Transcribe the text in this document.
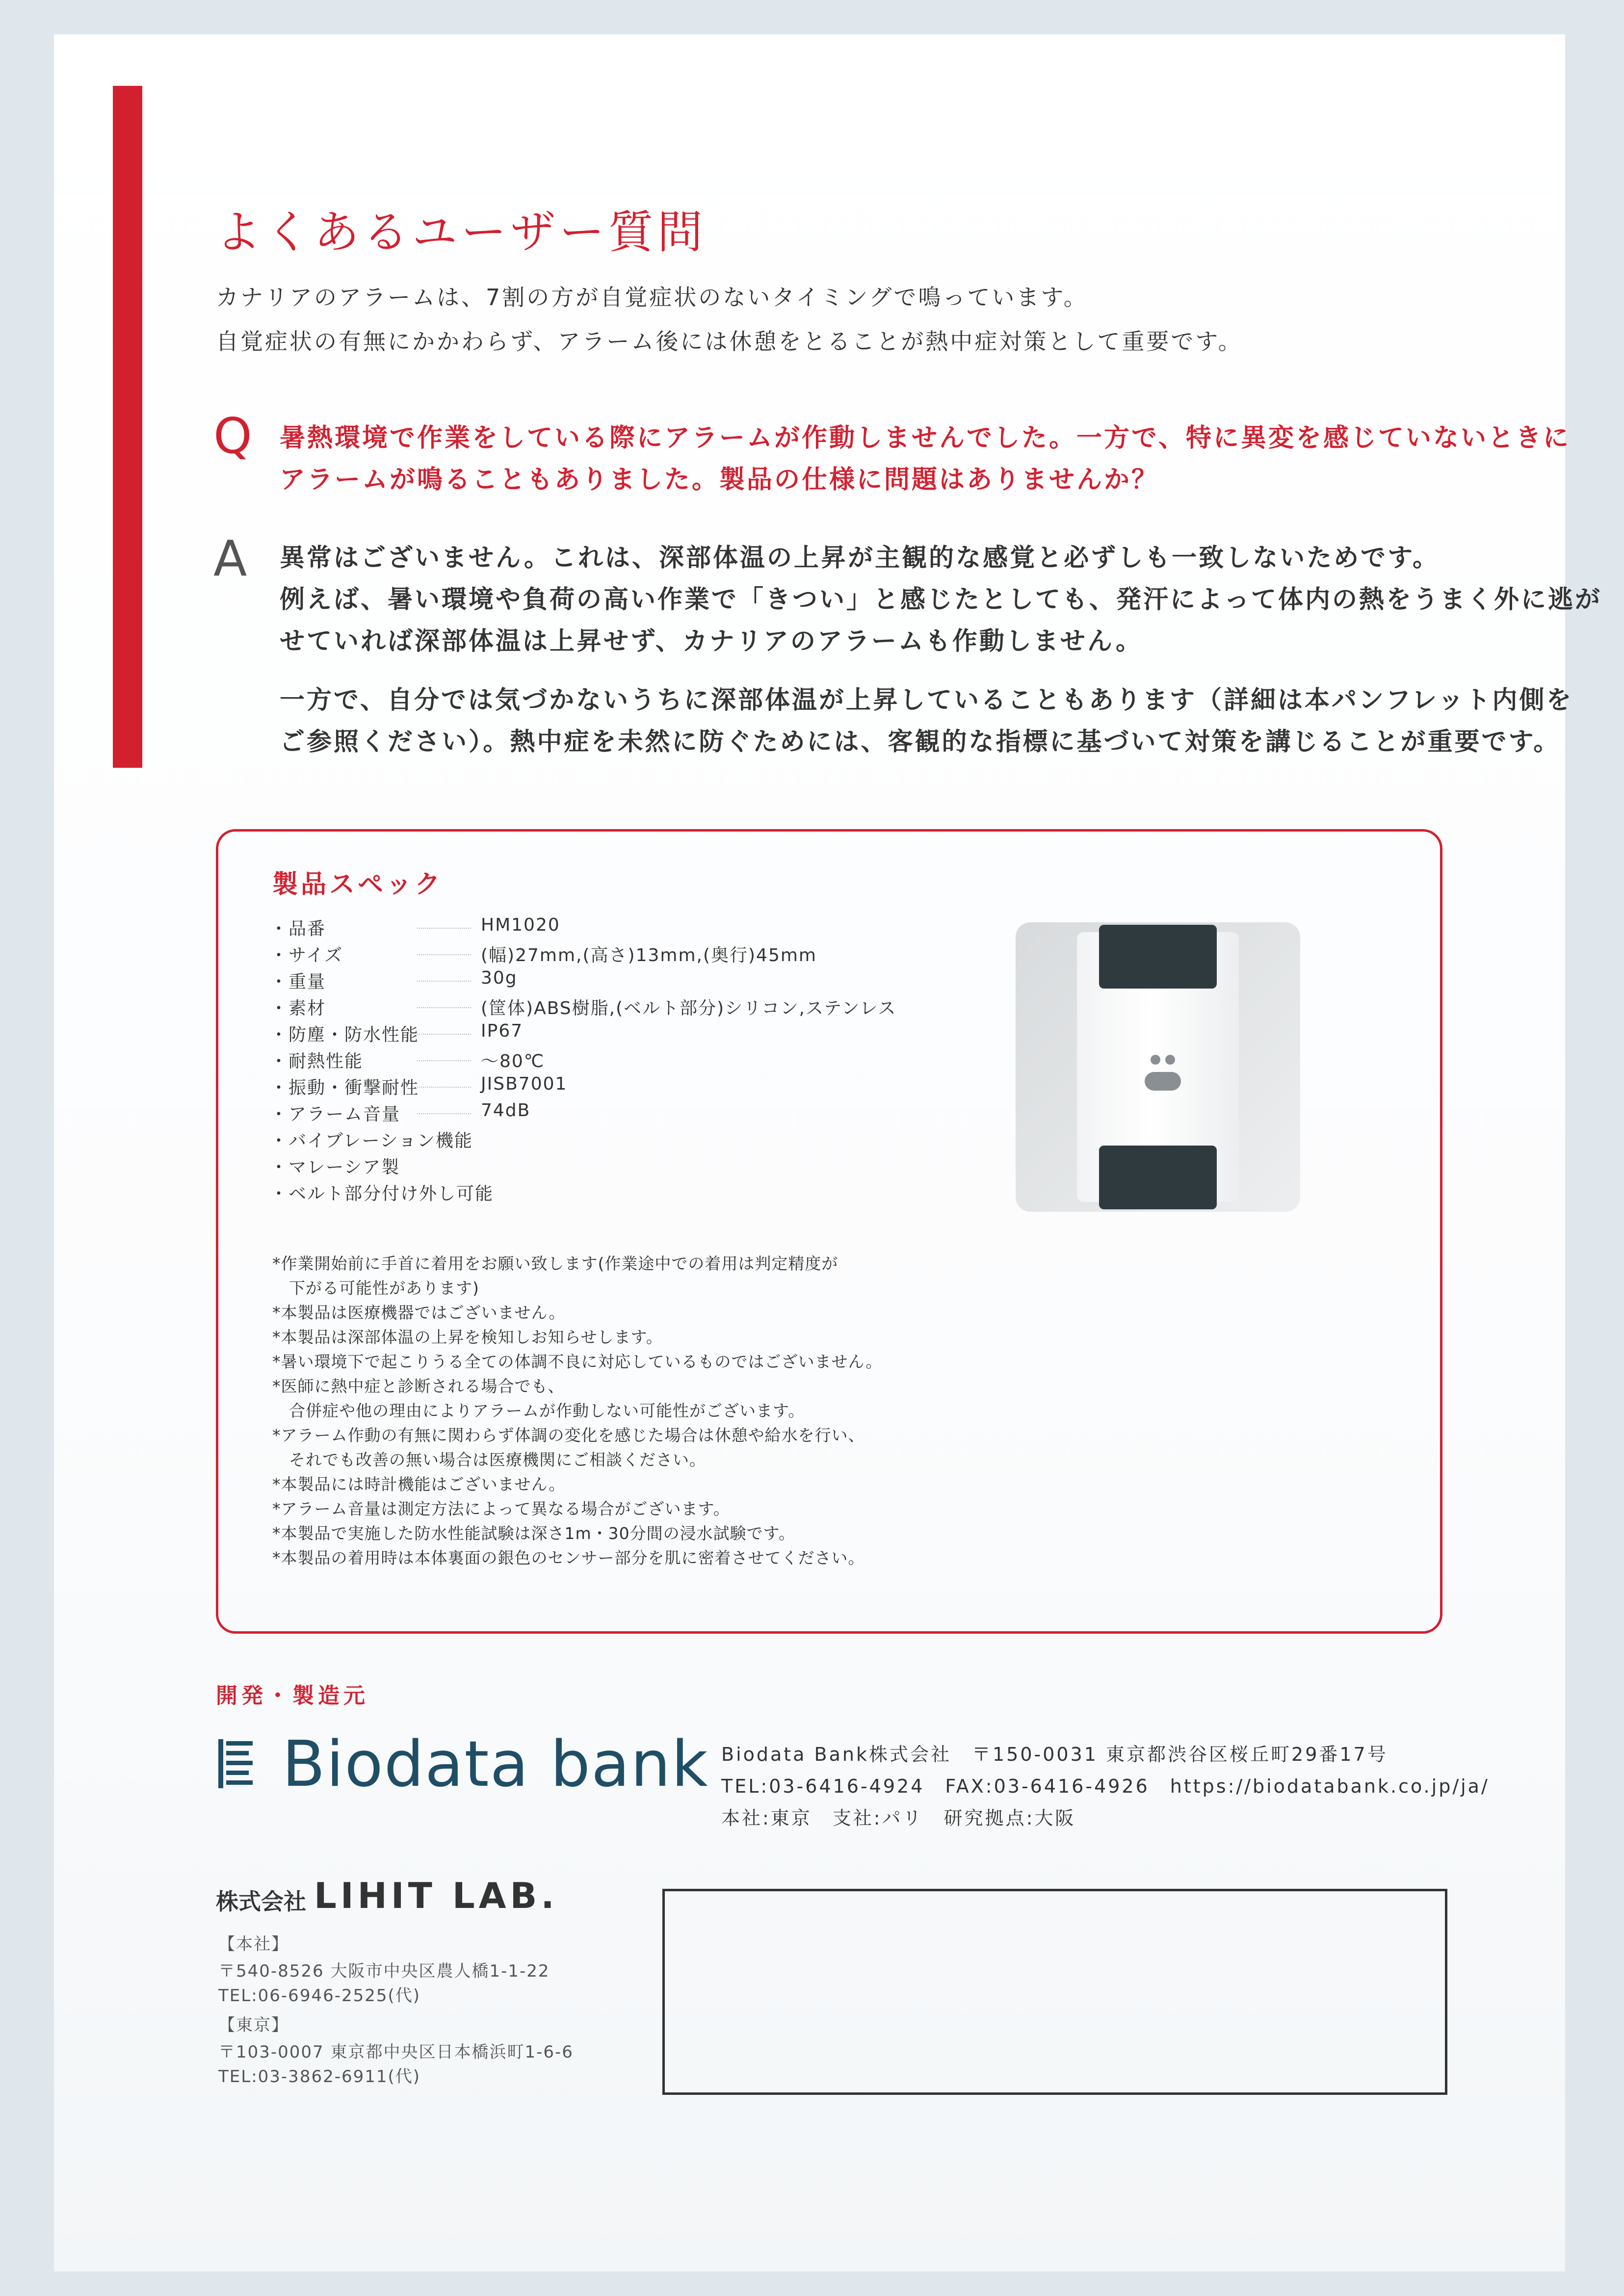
よくあるユーザー質問
カナリアのアラームは、7割の方が自覚症状のないタイミングで鳴っています。
自覚症状の有無にかかわらず、アラーム後には休憩をとることが熱中症対策として重要です。
Q 暑熱環境で作業をしている際にアラームが作動しませんでした。一方で、特に異変を感じていないときに
アラームが鳴ることもありました。製品の仕様に問題はありませんか？
A 異常はございません。これは、深部体温の上昇が主観的な感覚と必ずしも一致しないためです。
例えば、暑い環境や負荷の高い作業で「きつい」と感じたとしても、発汗によって体内の熱をうまく外に逃が
せていれば深部体温は上昇せず、カナリアのアラームも作動しません。
一方で、自分では気づかないうちに深部体温が上昇していることもあります（詳細は本パンフレット内側を
ご参照ください）。熱中症を未然に防ぐためには、客観的な指標に基づいて対策を講じることが重要です。
製品スペック
・品番	HM1020
・サイズ	(幅)27mm,(高さ)13mm,(奥行)45mm
・重量	30g
・素材	(筐体)ABS樹脂,(ベルト部分)シリコン,ステンレス
・防塵・防水性能	IP67
・耐熱性能	〜80℃
・振動・衝撃耐性	JISB7001
・アラーム音量	74dB
・バイブレーション機能
・マレーシア製
・ベルト部分付け外し可能
*作業開始前に手首に着用をお願い致します(作業途中での着用は判定精度が
　下がる可能性があります)
*本製品は医療機器ではございません。
*本製品は深部体温の上昇を検知しお知らせします。
*暑い環境下で起こりうる全ての体調不良に対応しているものではございません。
*医師に熱中症と診断される場合でも、
　合併症や他の理由によりアラームが作動しない可能性がございます。
*アラーム作動の有無に関わらず体調の変化を感じた場合は休憩や給水を行い、
　それでも改善の無い場合は医療機関にご相談ください。
*本製品には時計機能はございません。
*アラーム音量は測定方法によって異なる場合がございます。
*本製品で実施した防水性能試験は深さ1m・30分間の浸水試験です。
*本製品の着用時は本体裏面の銀色のセンサー部分を肌に密着させてください。
開発・製造元
Biodata bank Biodata Bank株式会社　〒150-0031 東京都渋谷区桜丘町29番17号
TEL:03-6416-4924　FAX:03-6416-4926　https://biodatabank.co.jp/ja/
本社:東京　支社:パリ　研究拠点:大阪
株式会社 LIHIT LAB.
【本社】
〒540-8526 大阪市中央区農人橋1-1-22
TEL:06-6946-2525(代)
【東京】
〒103-0007 東京都中央区日本橋浜町1-6-6
TEL:03-3862-6911(代)
